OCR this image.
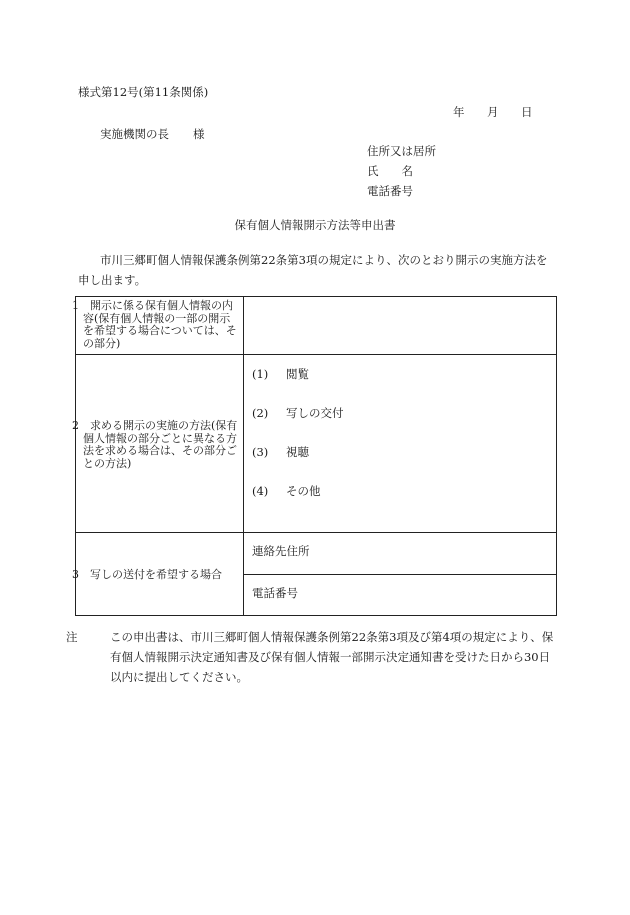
様式第12号(第11条関係)
年 月 日
実施機関の長 様
住所又は居所
氏　　名
電話番号
保有個人情報開示方法等申出書
市川三郷町個人情報保護条例第22条第3項の規定により、次のとおり開示の実施方法を申し出ます。
1　開示に係る保有個人情報の内容(保有個人情報の一部の開示を希望する場合については、その部分)	

2　求める開示の実施の方法(保有個人情報の部分ごとに異なる方法を求める場合は、その部分ごとの方法)	(1) 閲覧
(2) 写しの交付
(3) 視聴
(4) その他

3　写しの送付を希望する場合	連絡先住所

	電話番号
注	この申出書は、市川三郷町個人情報保護条例第22条第3項及び第4項の規定により、保有個人情報開示決定通知書及び保有個人情報一部開示決定通知書を受けた日から30日以内に提出してください。
